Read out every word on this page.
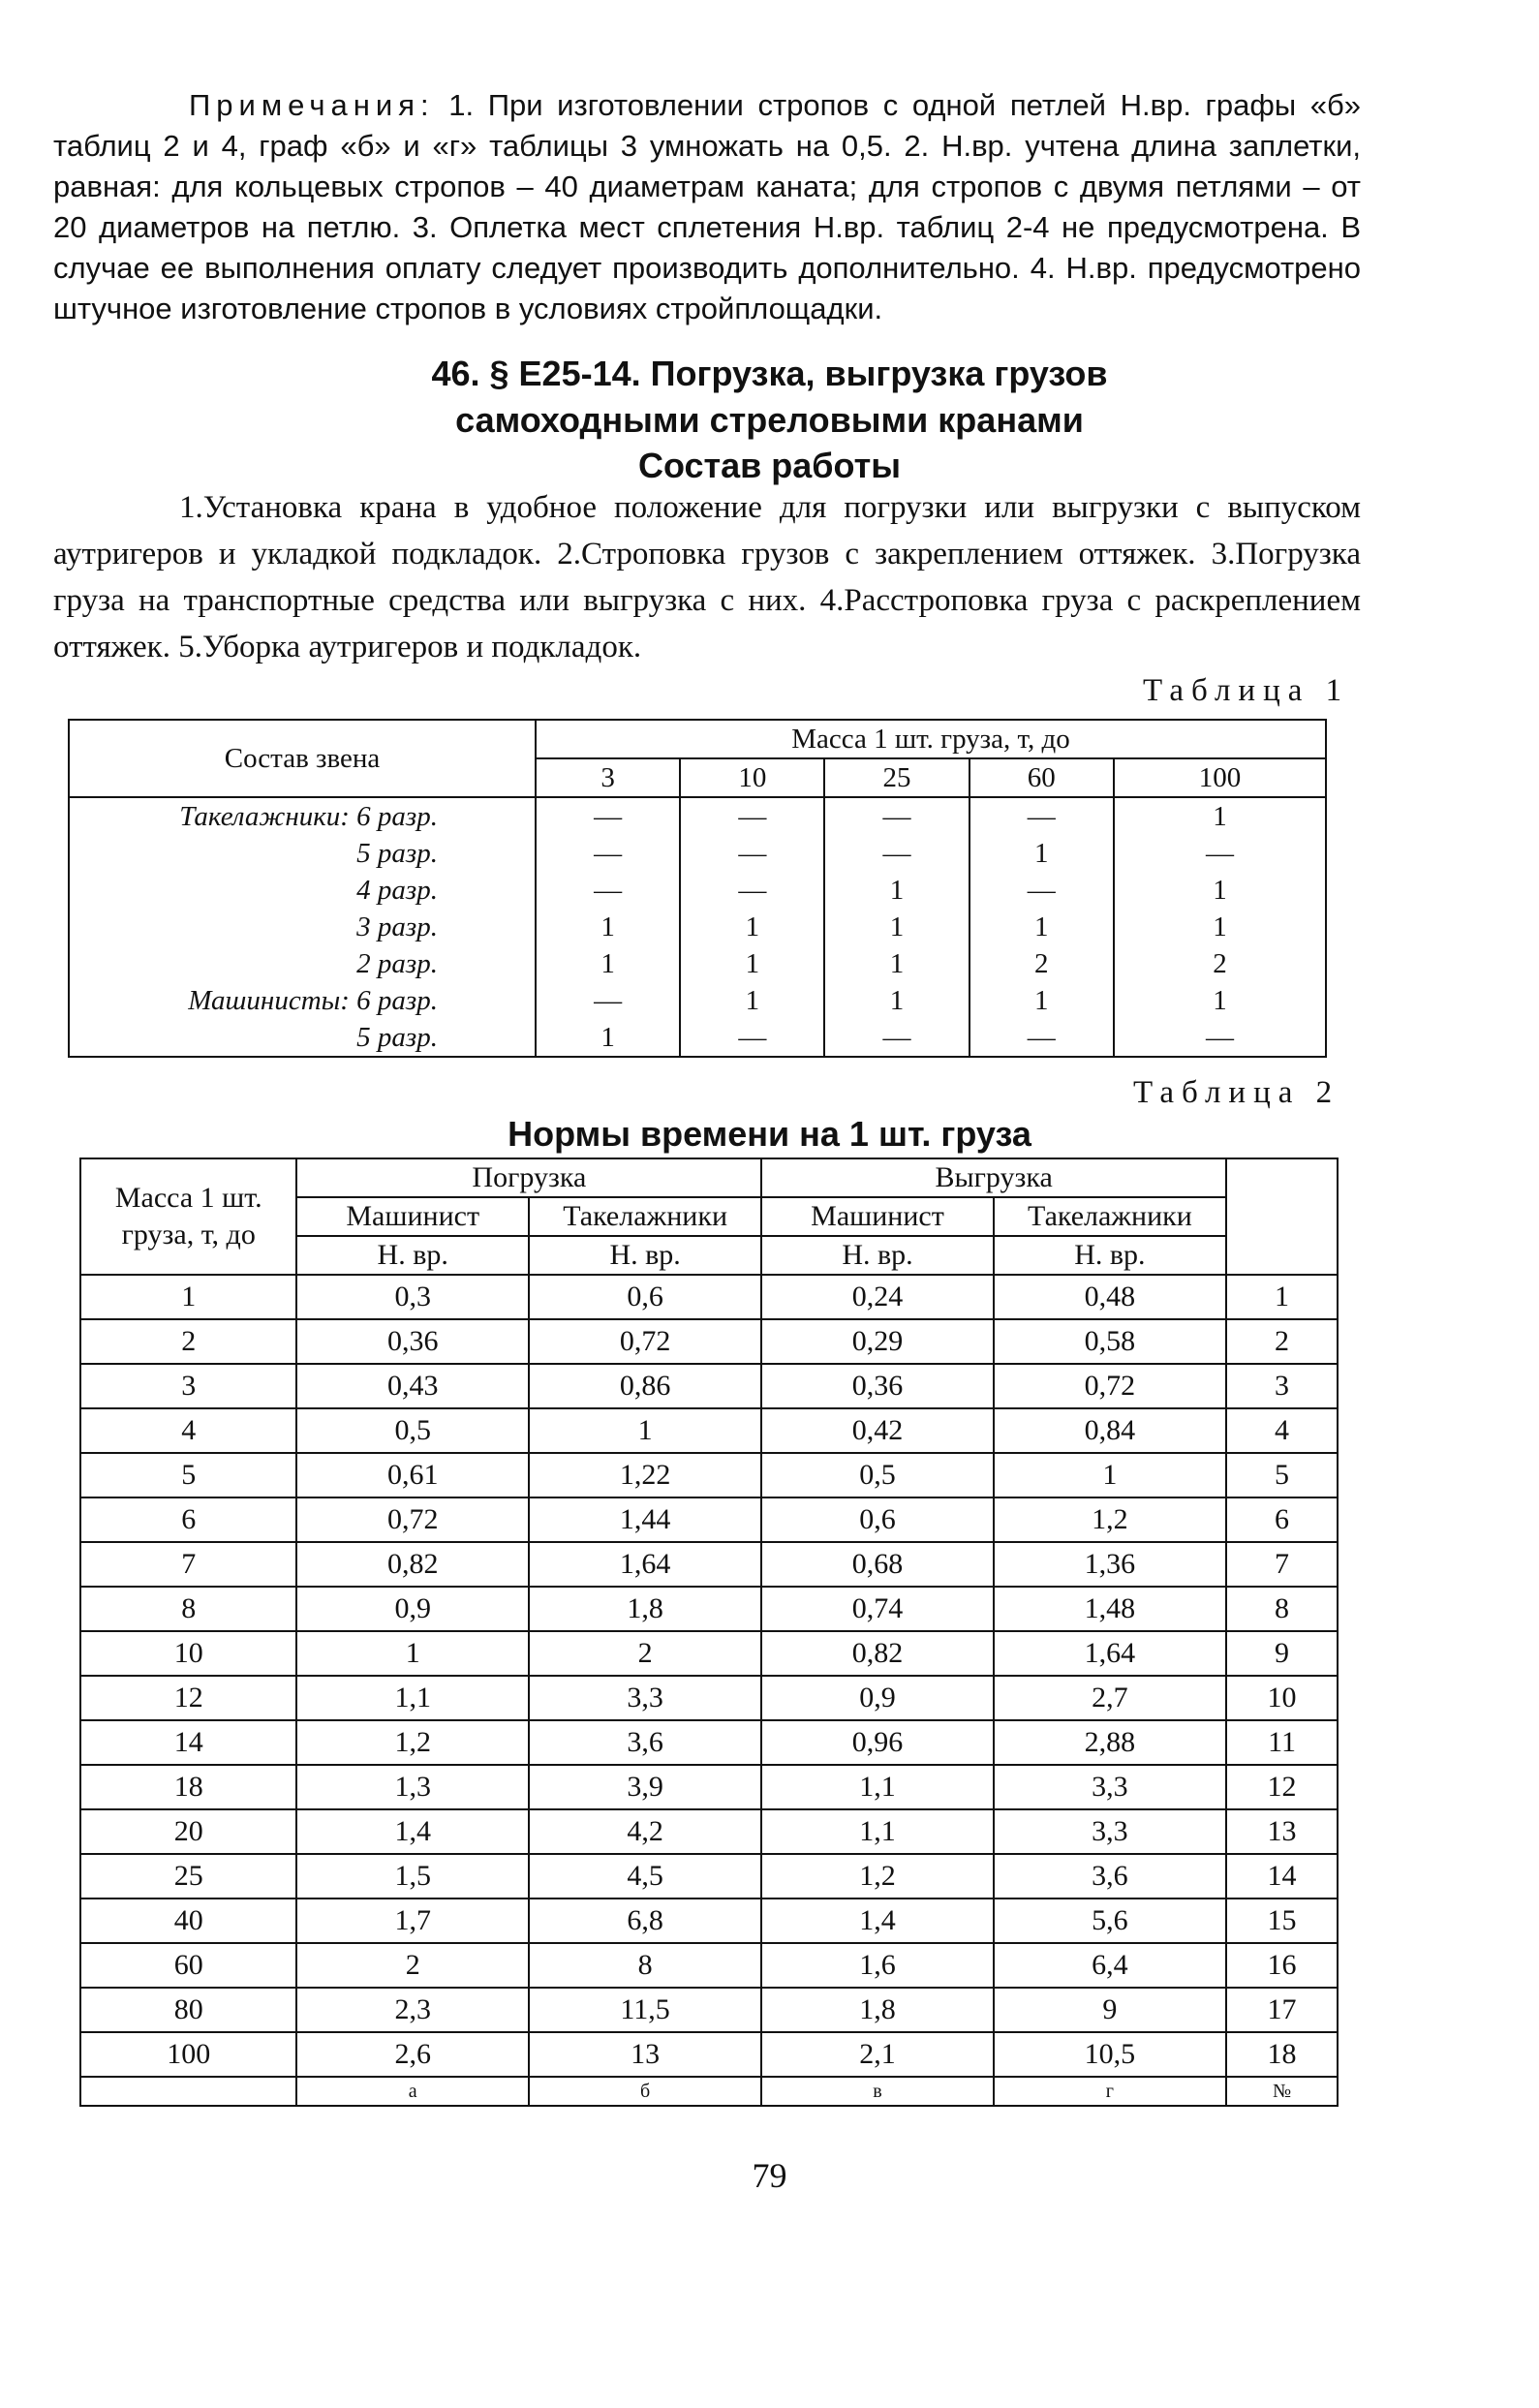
Примечания: 1. При изготовлении стропов с одной петлей Н.вр. графы «б» таблиц 2 и 4, граф «б» и «г» таблицы 3 умножать на 0,5. 2. Н.вр. учтена длина заплетки, равная: для кольцевых стропов – 40 диаметрам каната; для стропов с двумя петлями – от 20 диаметров на петлю. 3. Оплетка мест сплетения Н.вр. таблиц 2-4 не предусмотрена. В случае ее выполнения оплату следует производить дополнительно. 4. Н.вр. предусмотрено штучное изготовление стропов в условиях стройплощадки.
46. § Е25-14. Погрузка, выгрузка грузов
самоходными стреловыми кранами
Состав работы
1.Установка крана в удобное положение для погрузки или выгрузки с выпуском аутригеров и укладкой подкладок. 2.Строповка грузов с закреплением оттяжек. 3.Погрузка груза на транспортные средства или выгрузка с них. 4.Расстроповка груза с раскреплением оттяжек. 5.Уборка аутригеров и подкладок.
Таблица 1
Состав звена	Масса 1 шт. груза, т, до				
	3	10	25	60	100
Такелажники: 6 разр.	—	—	—	—	1
5 разр.	—	—	—	1	—
4 разр.	—	—	1	—	1
3 разр.	1	1	1	1	1
2 разр.	1	1	1	2	2
Машинисты: 6 разр.	—	1	1	1	1
5 разр.	1	—	—	—	—
Таблица 2
Нормы времени на 1 шт. груза
Масса 1 шт. груза, т, до	Погрузка		Выгрузка		
	Машинист	Такелажники	Машинист	Такелажники	
	Н. вр.	Н. вр.	Н. вр.	Н. вр.	
1	0,3	0,6	0,24	0,48	1
2	0,36	0,72	0,29	0,58	2
3	0,43	0,86	0,36	0,72	3
4	0,5	1	0,42	0,84	4
5	0,61	1,22	0,5	1	5
6	0,72	1,44	0,6	1,2	6
7	0,82	1,64	0,68	1,36	7
8	0,9	1,8	0,74	1,48	8
10	1	2	0,82	1,64	9
12	1,1	3,3	0,9	2,7	10
14	1,2	3,6	0,96	2,88	11
18	1,3	3,9	1,1	3,3	12
20	1,4	4,2	1,1	3,3	13
25	1,5	4,5	1,2	3,6	14
40	1,7	6,8	1,4	5,6	15
60	2	8	1,6	6,4	16
80	2,3	11,5	1,8	9	17
100	2,6	13	2,1	10,5	18
	а	б	в	г	№
79
